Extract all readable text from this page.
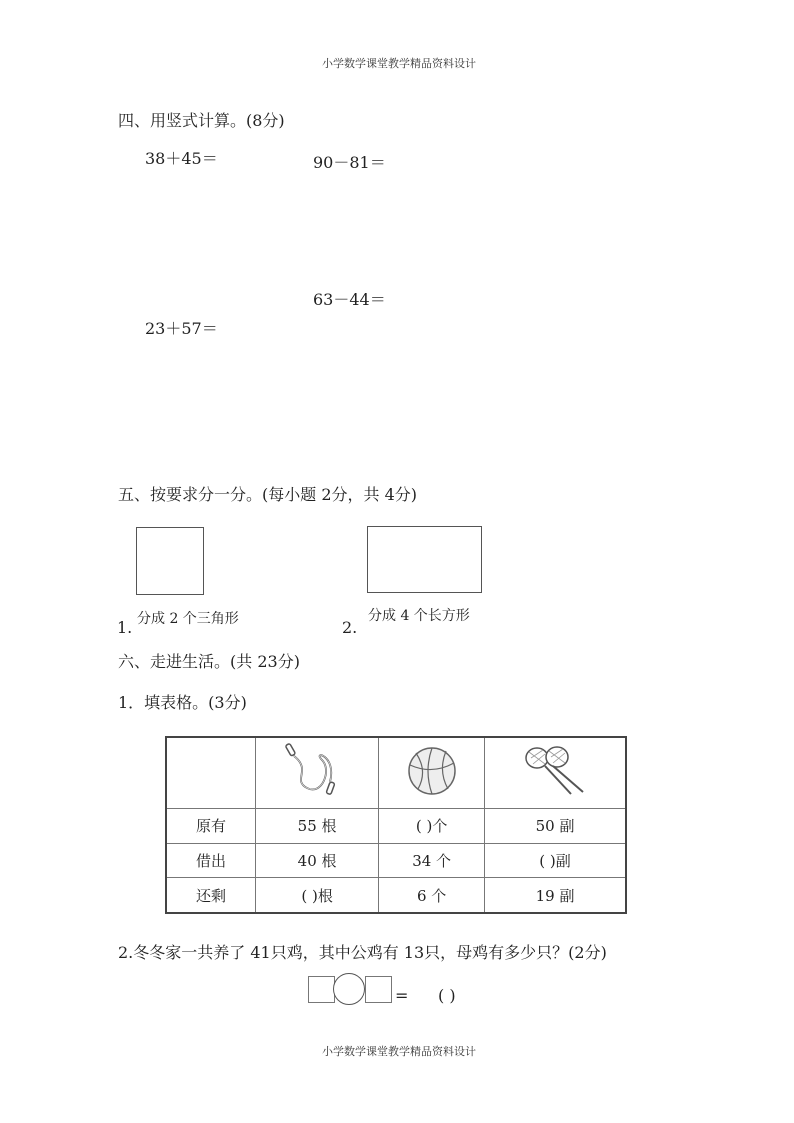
小学数学课堂教学精品资料设计
四、用竖式计算。(8分)
38＋45＝	90－81＝
63－44＝
23＋57＝
五、按要求分一分。(每小题 2分，共 4分)
1. 分成 2 个三角形	2.
分成 4 个长方形
六、走进生活。(共 23分)
1．填表格。(3分)

原有	55 根	( )个	50 副
借出	40 根	34 个	( )副
还剩	( )根	6 个	19 副
2.冬冬家一共养了 41只鸡，其中公鸡有 13只，母鸡有多少只？(2分)
= ( )
小学数学课堂教学精品资料设计
